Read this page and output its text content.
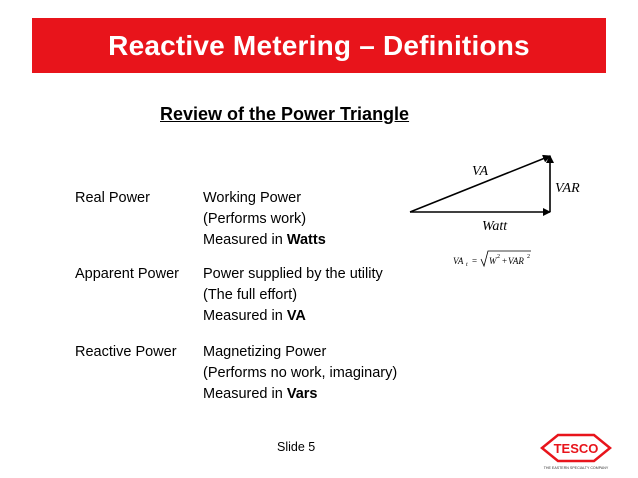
Reactive Metering – Definitions
Review of the Power Triangle
Real Power	Working Power
(Performs work)
Measured in Watts
Apparent Power Power supplied by the utility
(The full effort)
Measured in VA
Reactive Power Magnetizing Power
(Performs no work, imaginary)
Measured in Vars
VA
VAR
Watt
VA t = W 2 + VAR 2
Slide 5	TESCO
THE EASTERN SPECIALTY COMPANY
